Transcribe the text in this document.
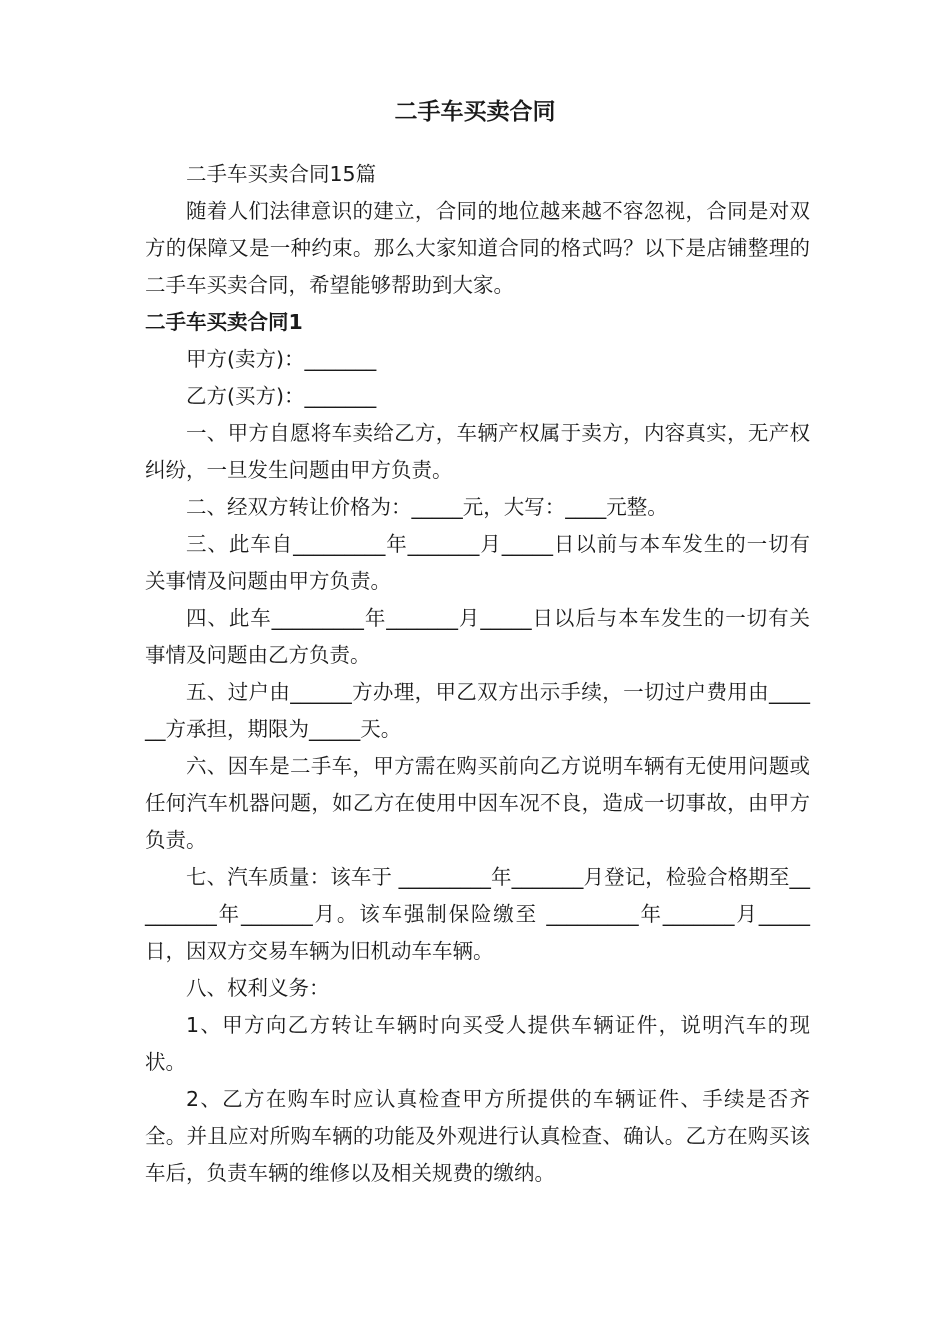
二手车买卖合同

二手车买卖合同15篇

随着人们法律意识的建立，合同的地位越来越不容忽视，合同是对双方的保障又是一种约束。那么大家知道合同的格式吗？以下是店铺整理的二手车买卖合同，希望能够帮助到大家。

二手车买卖合同1

甲方(卖方)：_______

乙方(买方)：_______

一、甲方自愿将车卖给乙方，车辆产权属于卖方，内容真实，无产权纠纷，一旦发生问题由甲方负责。

二、经双方转让价格为：_____元，大写：____元整。

三、此车自_________年_______月_____日以前与本车发生的一切有关事情及问题由甲方负责。

四、此车_________年_______月_____日以后与本车发生的一切有关事情及问题由乙方负责。

五、过户由______方办理，甲乙双方出示手续，一切过户费用由______方承担，期限为_____天。

六、因车是二手车，甲方需在购买前向乙方说明车辆有无使用问题或任何汽车机器问题，如乙方在使用中因车况不良，造成一切事故，由甲方负责。

七、汽车质量：该车于 _________年_______月登记，检验合格期至_________年_______月。该车强制保险缴至 _________年_______月_____日，因双方交易车辆为旧机动车车辆。

八、权利义务：

1、甲方向乙方转让车辆时向买受人提供车辆证件，说明汽车的现状。

2、乙方在购车时应认真检查甲方所提供的车辆证件、手续是否齐全。并且应对所购车辆的功能及外观进行认真检查、确认。乙方在购买该车后，负责车辆的维修以及相关规费的缴纳。
